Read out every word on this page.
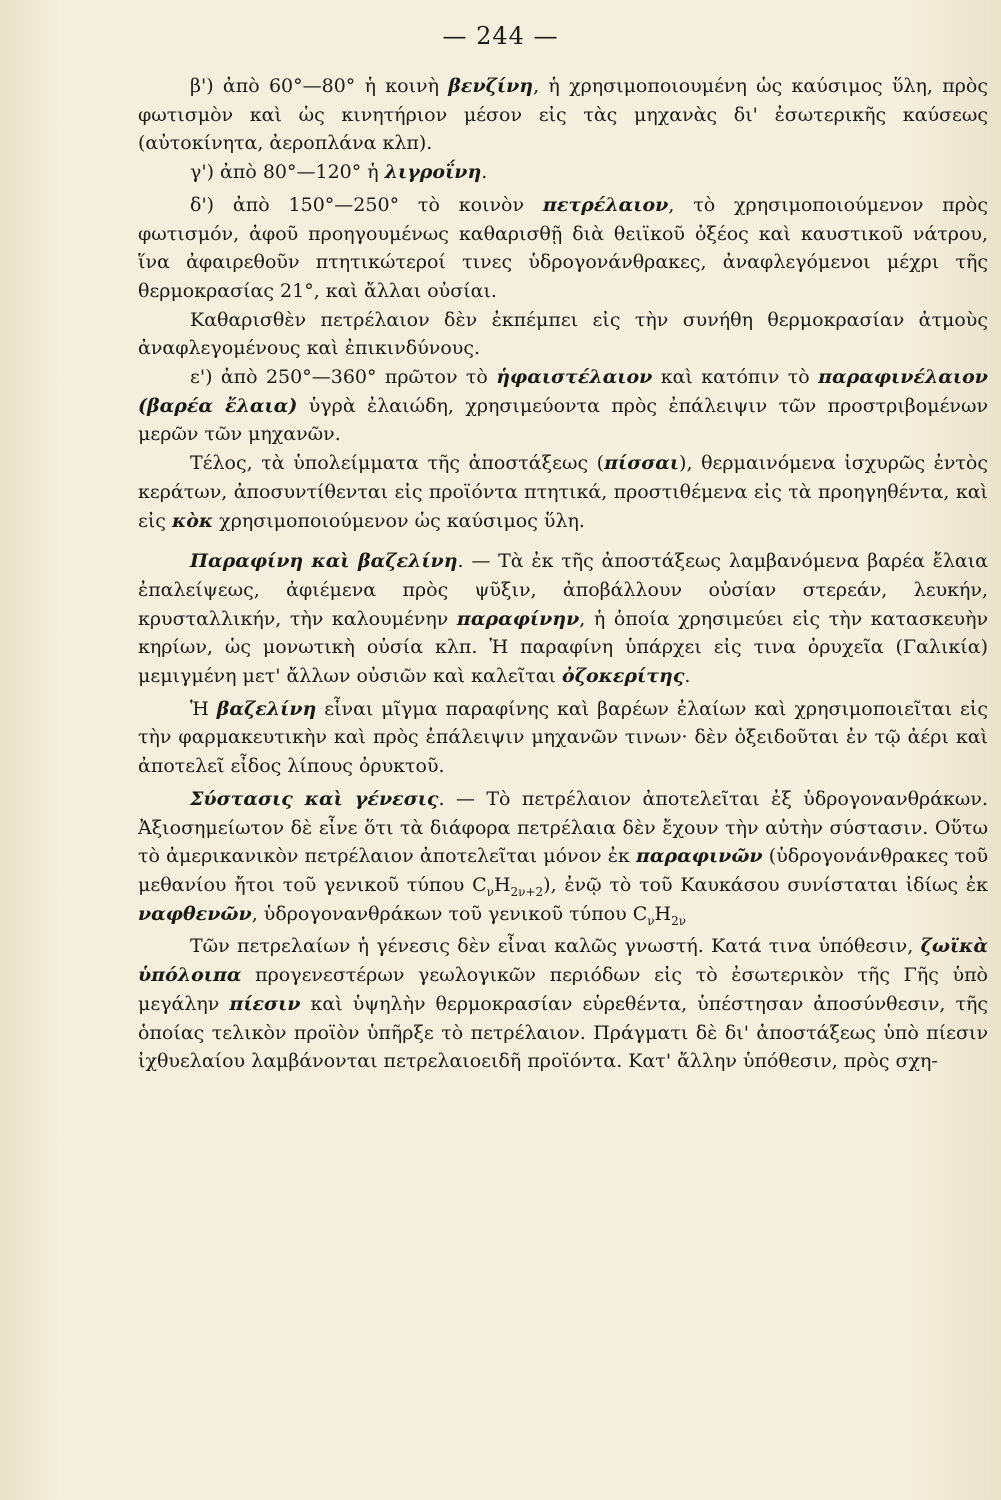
— 244 —

β') ἀπὸ 60°—80° ἡ κοινὴ βενζίνη, ἡ χρησιμοποιουμένη ὡς καύσιμος ὕλη, πρὸς φωτισμὸν καὶ ὡς κινητήριον μέσον εἰς τὰς μηχανὰς δι' ἐσωτερικῆς καύσεως (αὐτοκίνητα, ἀεροπλάνα κλπ).

γ') ἀπὸ 80°—120° ἡ λιγροΐνη.

δ') ἀπὸ 150°—250° τὸ κοινὸν πετρέλαιον, τὸ χρησιμοποιούμενον πρὸς φωτισμόν, ἀφοῦ προηγουμένως καθαρισθῇ διὰ θειϊκοῦ ὀξέος καὶ καυστικοῦ νάτρου, ἵνα ἀφαιρεθοῦν πτητικώτεροί τινες ὑδρογονάνθρακες, ἀναφλεγόμενοι μέχρι τῆς θερμοκρασίας 21°, καὶ ἄλλαι οὐσίαι.

Καθαρισθὲν πετρέλαιον δὲν ἐκπέμπει εἰς τὴν συνήθη θερμοκρασίαν ἀτμοὺς ἀναφλεγομένους καὶ ἐπικινδύνους.

ε') ἀπὸ 250°—360° πρῶτον τὸ ἡφαιστέλαιον καὶ κατόπιν τὸ παραφινέλαιον (βαρέα ἔλαια) ὑγρὰ ἐλαιώδη, χρησιμεύοντα πρὸς ἐπάλειψιν τῶν προστριβομένων μερῶν τῶν μηχανῶν.

Τέλος, τὰ ὑπολείμματα τῆς ἀποστάξεως (πίσσαι), θερμαινόμενα ἰσχυρῶς ἐντὸς κεράτων, ἀποσυντίθενται εἰς προϊόντα πτητικά, προστιθέμενα εἰς τὰ προηγηθέντα, καὶ εἰς κὸκ χρησιμοποιούμενον ὡς καύσιμος ὕλη.

Παραφίνη καὶ βαζελίνη. — Τὰ ἐκ τῆς ἀποστάξεως λαμβανόμενα βαρέα ἔλαια ἐπαλείψεως, ἀφιέμενα πρὸς ψῦξιν, ἀποβάλλουν οὐσίαν στερεάν, λευκήν, κρυσταλλικήν, τὴν καλουμένην παραφίνην, ἡ ὁποία χρησιμεύει εἰς τὴν κατασκευὴν κηρίων, ὡς μονωτικὴ οὐσία κλπ. Ἡ παραφίνη ὑπάρχει εἰς τινα ὀρυχεῖα (Γαλικία) μεμιγμένη μετ' ἄλλων οὐσιῶν καὶ καλεῖται ὀζοκερίτης.

Ἡ βαζελίνη εἶναι μῖγμα παραφίνης καὶ βαρέων ἐλαίων καὶ χρησιμοποιεῖται εἰς τὴν φαρμακευτικὴν καὶ πρὸς ἐπάλειψιν μηχανῶν τινων· δὲν ὀξειδοῦται ἐν τῷ ἀέρι καὶ ἀποτελεῖ εἶδος λίπους ὀρυκτοῦ.

Σύστασις καὶ γένεσις. — Τὸ πετρέλαιον ἀποτελεῖται ἐξ ὑδρογονανθράκων. Ἀξιοσημείωτον δὲ εἶνε ὅτι τὰ διάφορα πετρέλαια δὲν ἔχουν τὴν αὐτὴν σύστασιν. Οὕτω τὸ ἀμερικανικὸν πετρέλαιον ἀποτελεῖται μόνον ἐκ παραφινῶν (ὑδρογονάνθρακες τοῦ μεθανίου ἤτοι τοῦ γενικοῦ τύπου $C_\nu H_{2\nu+2}$), ἐνῷ τὸ τοῦ Καυκάσου συνίσταται ἰδίως ἐκ ναφθενῶν, ὑδρογονανθράκων τοῦ γενικοῦ τύπου $C_\nu H_{2\nu}$

Τῶν πετρελαίων ἡ γένεσις δὲν εἶναι καλῶς γνωστή. Κατά τινα ὑπόθεσιν, ζωϊκὰ ὑπόλοιπα προγενεστέρων γεωλογικῶν περιόδων εἰς τὸ ἐσωτερικὸν τῆς Γῆς ὑπὸ μεγάλην πίεσιν καὶ ὑψηλὴν θερμοκρασίαν εὑρεθέντα, ὑπέστησαν ἀποσύνθεσιν, τῆς ὁποίας τελικὸν προϊὸν ὑπῆρξε τὸ πετρέλαιον. Πράγματι δὲ δι' ἀποστάξεως ὑπὸ πίεσιν ἰχθυελαίου λαμβάνονται πετρελαιοειδῆ προϊόντα. Κατ' ἄλλην ὑπόθεσιν, πρὸς σχη-
